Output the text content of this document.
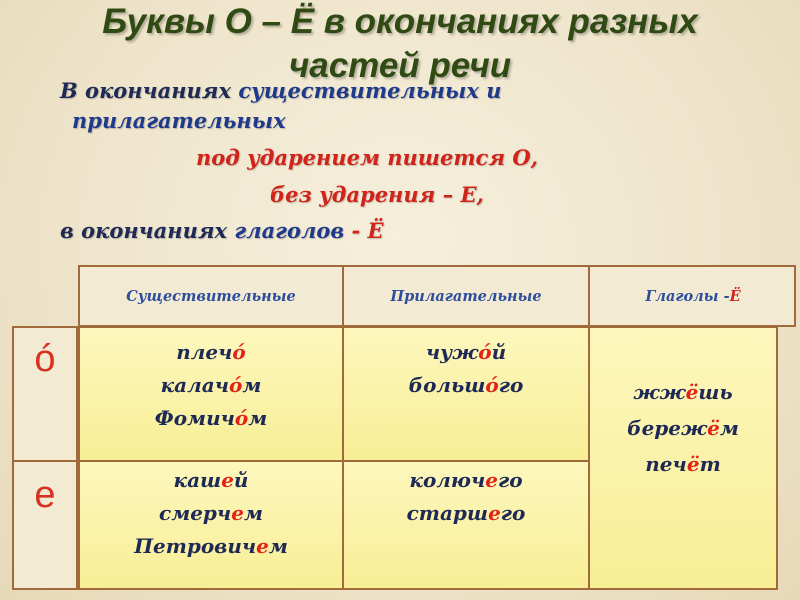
Буквы О – Ё в окончаниях разных
частей речи
В окончаниях существительных и
прилагательных
под ударением пишется О,
без ударения – Е,
в окончаниях глаголов - Ё
Существительные	Прилагательные	Глаголы - Ё
ó
е
плечó
калачóм
Фомичóм
чужóй
большóго
кашей
смерчем
Петровичем
колючего
старшего
жжёшь
бережём
печёт
